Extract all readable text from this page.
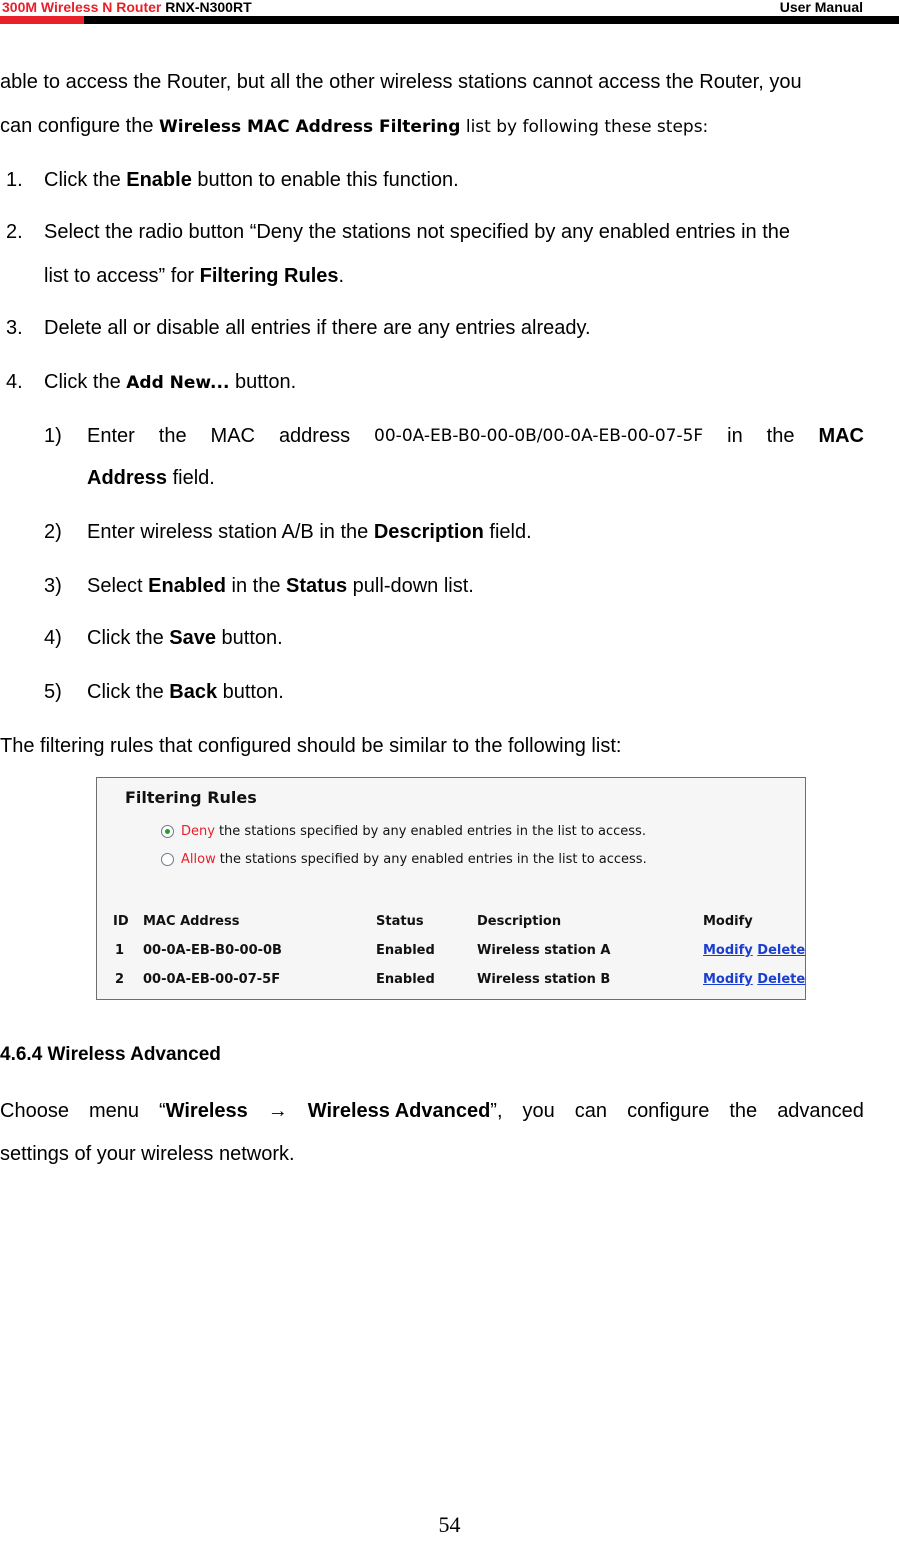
300M Wireless N Router RNX-N300RT	User Manual
able to access the Router, but all the other wireless stations cannot access the Router, you
can configure the Wireless MAC Address Filtering list by following these steps:
1. Click the Enable button to enable this function.
2. Select the radio button “Deny the stations not specified by any enabled entries in the
list to access” for Filtering Rules.
3. Delete all or disable all entries if there are any entries already.
4. Click the Add New... button.
1) Enter the MAC address 00-0A-EB-B0-00-0B/00-0A-EB-00-07-5F in the MAC
Address field.
2) Enter wireless station A/B in the Description field.
3) Select Enabled in the Status pull-down list.
4) Click the Save button.
5) Click the Back button.
The filtering rules that configured should be similar to the following list:
Filtering Rules
Deny the stations specified by any enabled entries in the list to access.
Allow the stations specified by any enabled entries in the list to access.
ID MAC Address	Status	Description	Modify
1 00-0A-EB-B0-00-0B	Enabled	Wireless station A	Modify Delete
2 00-0A-EB-00-07-5F	Enabled	Wireless station B	Modify Delete
4.6.4 Wireless Advanced
Choose menu “Wireless → Wireless Advanced”, you can configure the advanced
settings of your wireless network.
54
